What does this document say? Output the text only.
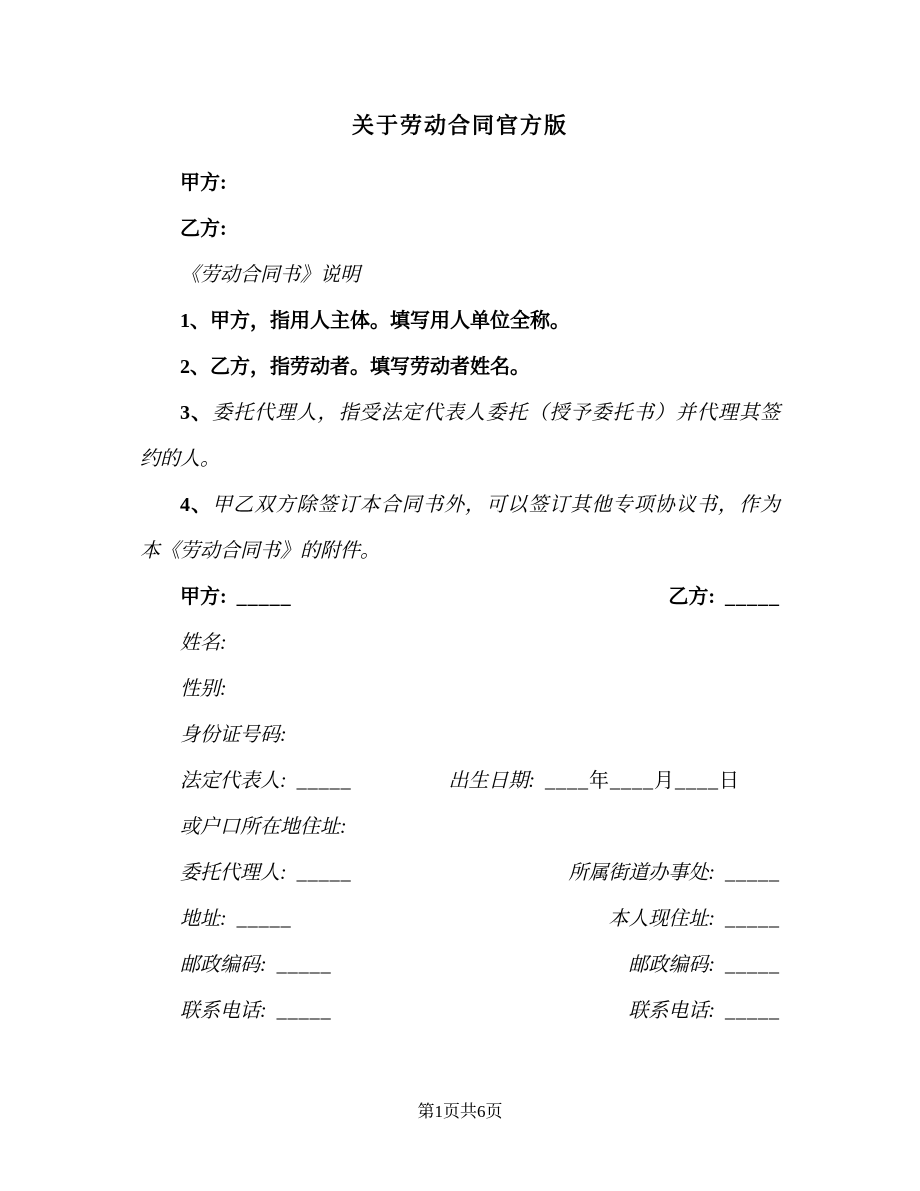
关于劳动合同官方版
甲方:
乙方:
《劳动合同书》说明
1、甲方，指用人主体。填写用人单位全称。
2、乙方，指劳动者。填写劳动者姓名。
3、委托代理人，指受法定代表人委托（授予委托书）并代理其签
约的人。
4、甲乙双方除签订本合同书外，可以签订其他专项协议书，作为
本《劳动合同书》的附件。
甲方: _____	乙方: _____
姓名:
性别:
身份证号码:
法定代表人: _____	出生日期: ____年____月____日
或户口所在地住址:
委托代理人: _____	所属街道办事处: _____
地址: _____	本人现住址: _____
邮政编码: _____	邮政编码: _____
联系电话: _____	联系电话: _____
第1页共6页
